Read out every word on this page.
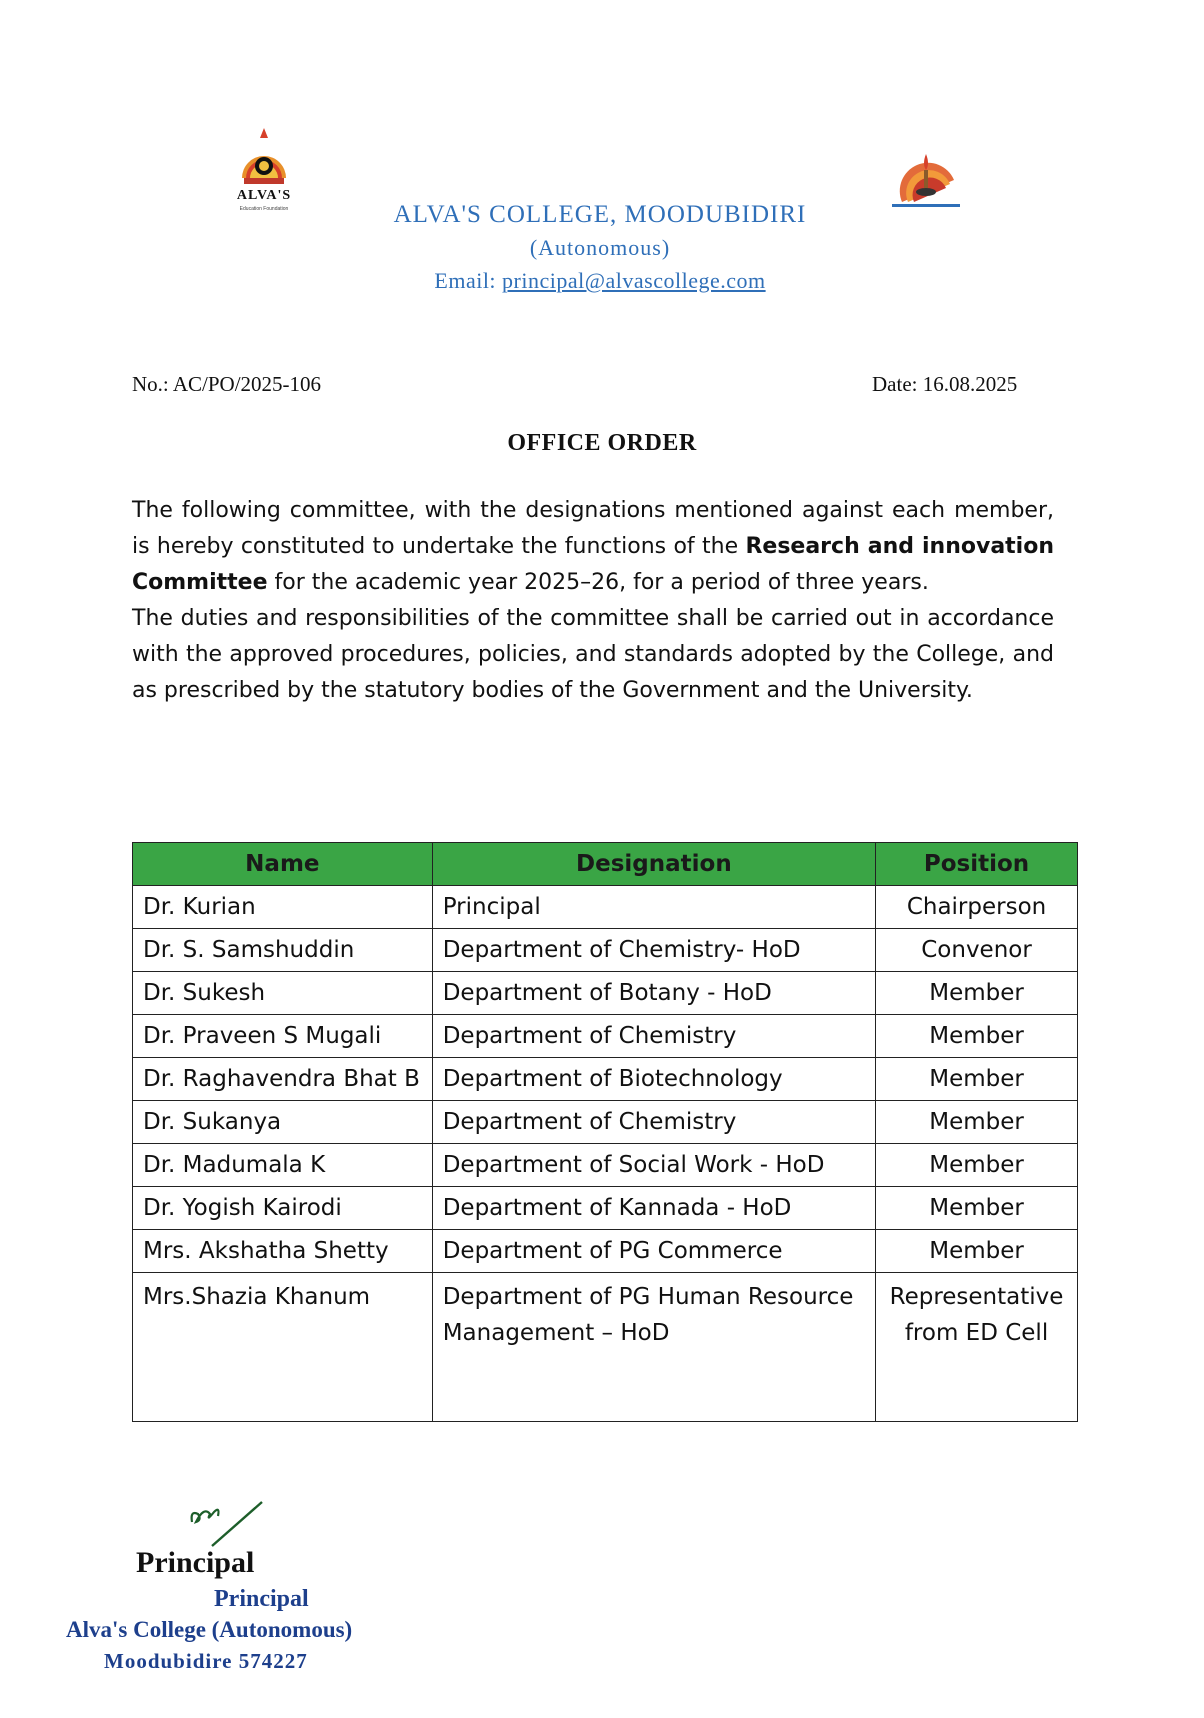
ALVA'S
Education Foundation	ALVA'S COLLEGE, MOODUBIDIRI
(Autonomous)
Email: principal@alvascollege.com
No.: AC/PO/2025-106	Date: 16.08.2025
OFFICE ORDER

The following committee, with the designations mentioned against each member, is hereby constituted to undertake the functions of the Research and innovation Committee for the academic year 2025–26, for a period of three years.

The duties and responsibilities of the committee shall be carried out in accordance with the approved procedures, policies, and standards adopted by the College, and as prescribed by the statutory bodies of the Government and the University.

Name	Designation	Position
Dr. Kurian	Principal	Chairperson
Dr. S. Samshuddin	Department of Chemistry- HoD	Convenor
Dr. Sukesh	Department of Botany - HoD	Member
Dr. Praveen S Mugali	Department of Chemistry	Member
Dr. Raghavendra Bhat B	Department of Biotechnology	Member
Dr. Sukanya	Department of Chemistry	Member
Dr. Madumala K	Department of Social Work - HoD	Member
Dr. Yogish Kairodi	Department of Kannada - HoD	Member
Mrs. Akshatha Shetty	Department of PG Commerce	Member
Mrs.Shazia Khanum	Department of PG Human Resource Management – HoD	Representative from ED Cell
Principal
Principal
Alva's College (Autonomous)
Moodubidire 574227
